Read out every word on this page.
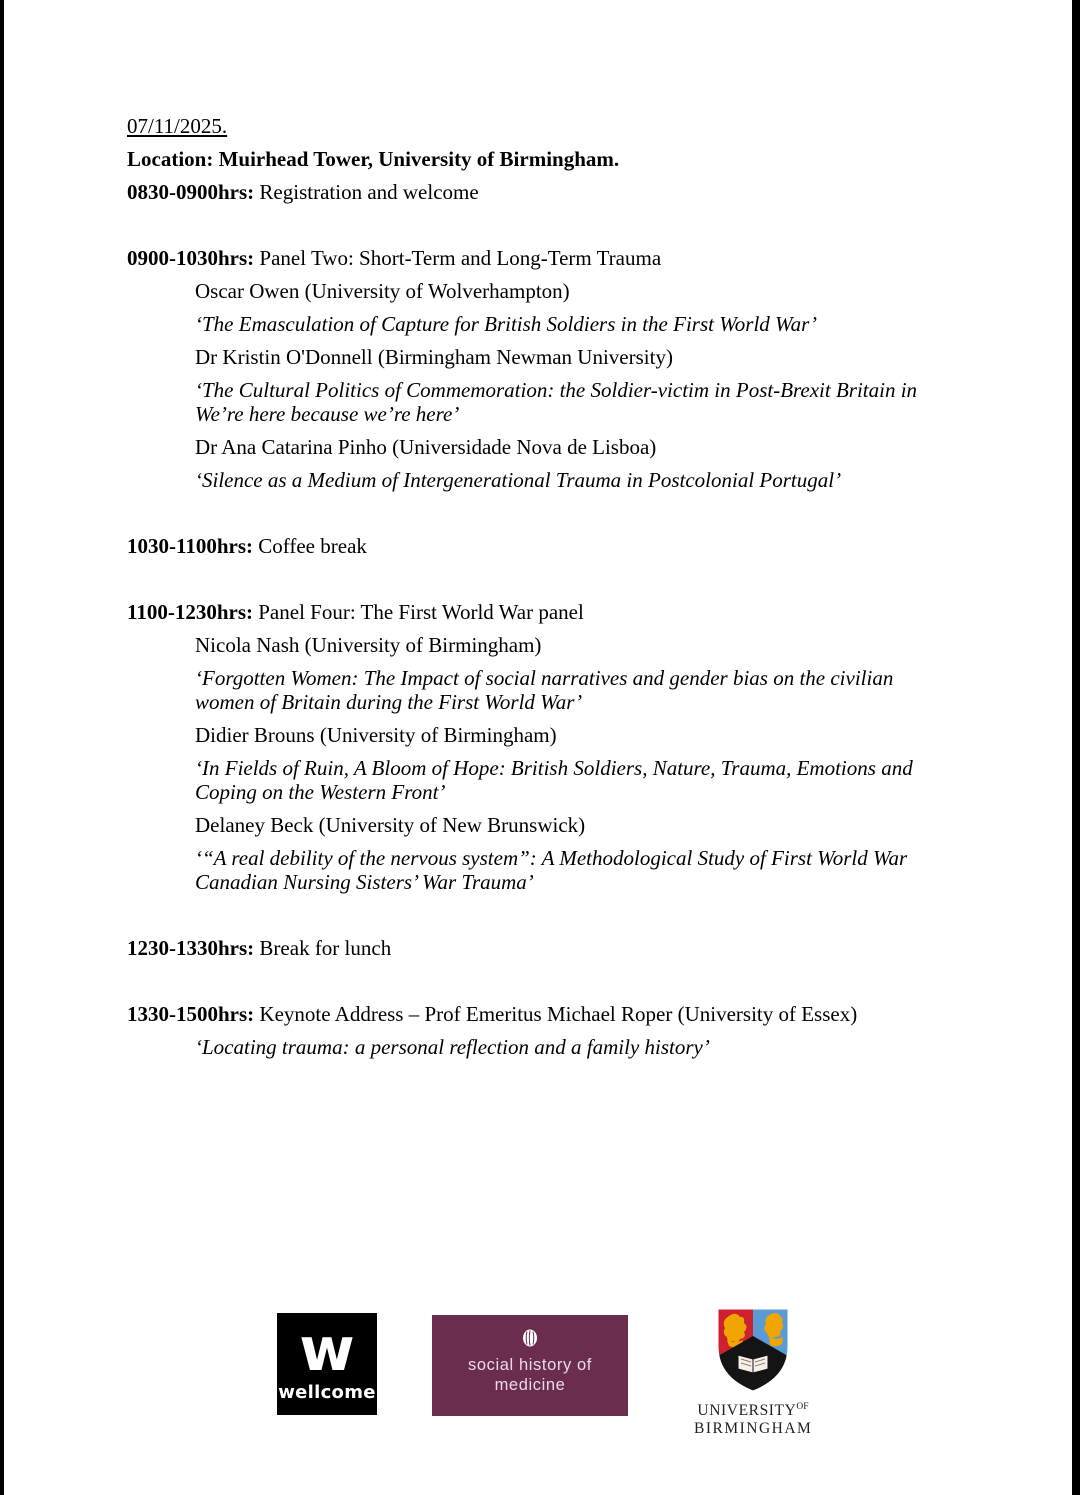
07/11/2025.

Location: Muirhead Tower, University of Birmingham.

0830-0900hrs: Registration and welcome

0900-1030hrs: Panel Two: Short-Term and Long-Term Trauma

Oscar Owen (University of Wolverhampton)

‘The Emasculation of Capture for British Soldiers in the First World War’

Dr Kristin O'Donnell (Birmingham Newman University)

‘The Cultural Politics of Commemoration: the Soldier-victim in Post-Brexit Britain in We’re here because we’re here’

Dr Ana Catarina Pinho (Universidade Nova de Lisboa)

‘Silence as a Medium of Intergenerational Trauma in Postcolonial Portugal’

1030-1100hrs: Coffee break

1100-1230hrs: Panel Four: The First World War panel

Nicola Nash (University of Birmingham)

‘Forgotten Women: The Impact of social narratives and gender bias on the civilian women of Britain during the First World War’

Didier Brouns (University of Birmingham)

‘In Fields of Ruin, A Bloom of Hope: British Soldiers, Nature, Trauma, Emotions and Coping on the Western Front’

Delaney Beck (University of New Brunswick)

‘“A real debility of the nervous system”: A Methodological Study of First World War Canadian Nursing Sisters’ War Trauma’

1230-1330hrs: Break for lunch

1330-1500hrs: Keynote Address – Prof Emeritus Michael Roper (University of Essex)

‘Locating trauma: a personal reflection and a family history’

w
wellcome
social history of medicine
$UNIVERSITY^{OF}$
BIRMINGHAM
